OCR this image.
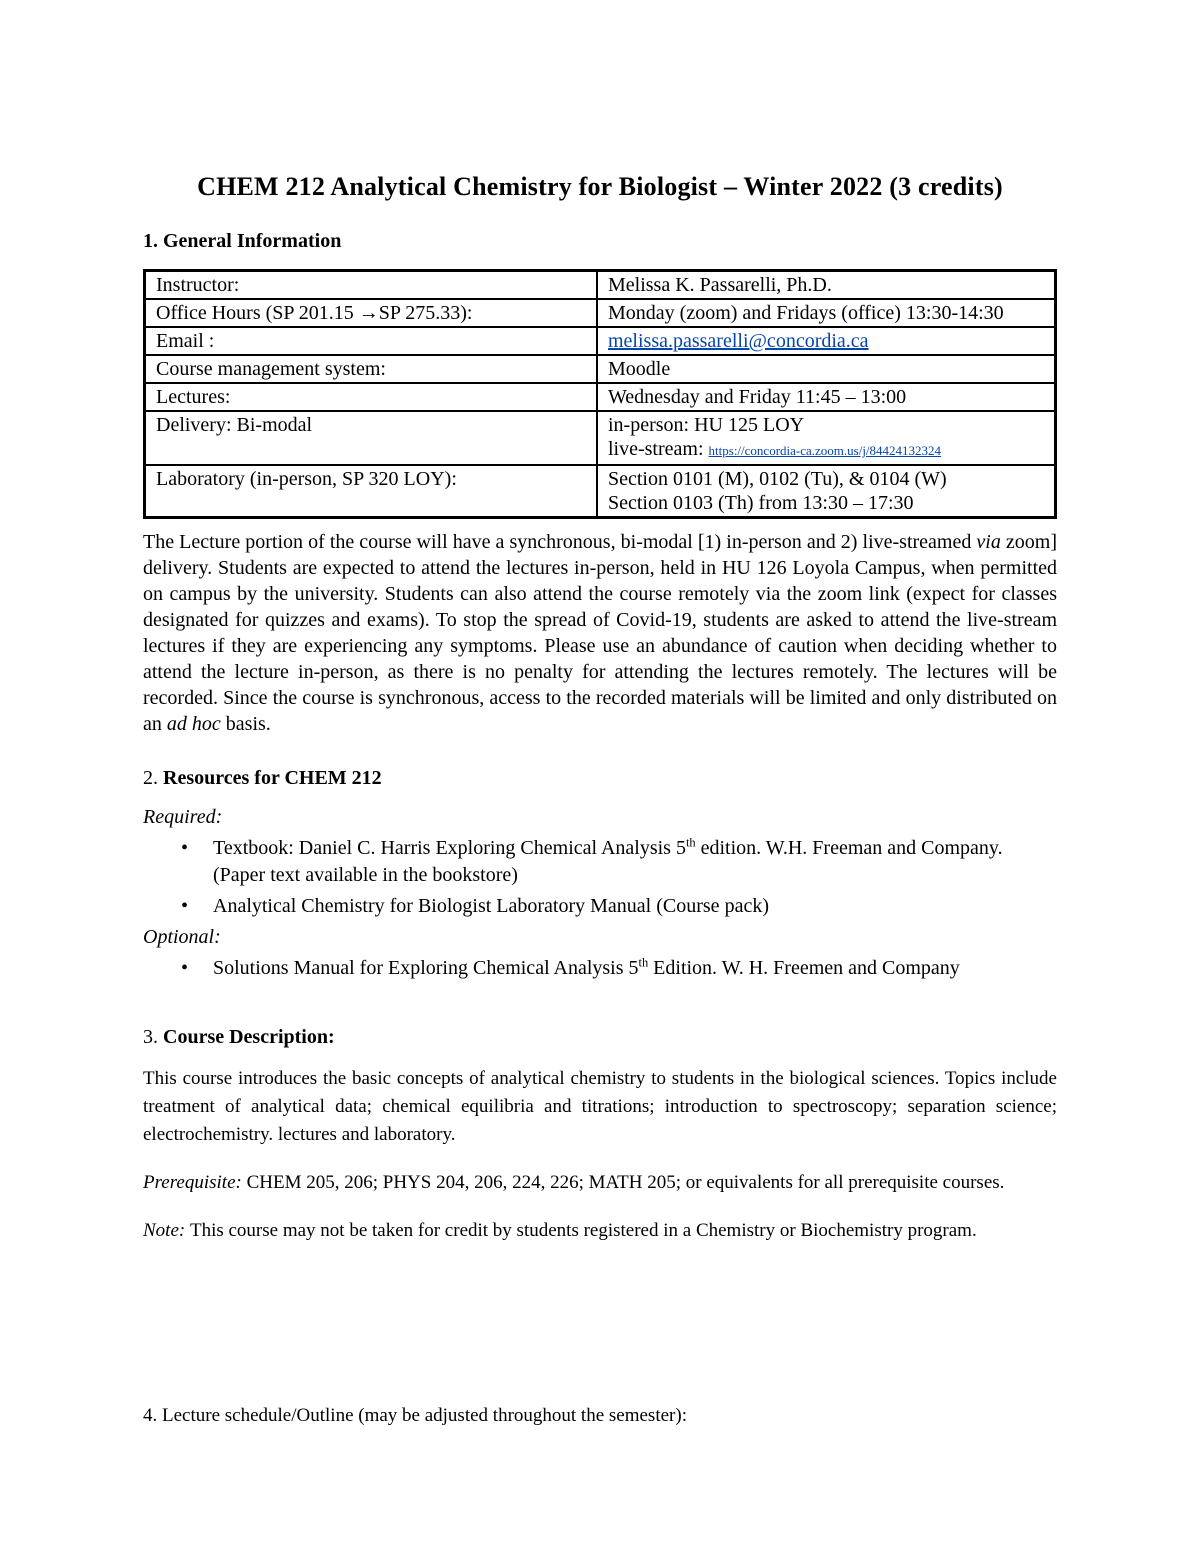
CHEM 212 Analytical Chemistry for Biologist – Winter 2022 (3 credits)
1. General Information
Instructor:	Melissa K. Passarelli, Ph.D.
Office Hours (SP 201.15 →SP 275.33):	Monday (zoom) and Fridays (office) 13:30-14:30
Email :	melissa.passarelli@concordia.ca
Course management system:	Moodle
Lectures:	Wednesday and Friday 11:45 – 13:00
Delivery: Bi-modal	in-person: HU 125 LOY
live-stream: https://concordia-ca.zoom.us/j/84424132324
Laboratory (in-person, SP 320 LOY):	Section 0101 (M), 0102 (Tu), & 0104 (W)
Section 0103 (Th) from 13:30 – 17:30

The Lecture portion of the course will have a synchronous, bi-modal [1) in-person and 2) live-streamed via zoom] delivery. Students are expected to attend the lectures in-person, held in HU 126 Loyola Campus, when permitted on campus by the university. Students can also attend the course remotely via the zoom link (expect for classes designated for quizzes and exams). To stop the spread of Covid-19, students are asked to attend the live-stream lectures if they are experiencing any symptoms. Please use an abundance of caution when deciding whether to attend the lecture in-person, as there is no penalty for attending the lectures remotely. The lectures will be recorded. Since the course is synchronous, access to the recorded materials will be limited and only distributed on an ad hoc basis.

2. Resources for CHEM 212
Required:
• Textbook: Daniel C. Harris Exploring Chemical Analysis 5th edition. W.H. Freeman and Company. (Paper text available in the bookstore)
• Analytical Chemistry for Biologist Laboratory Manual (Course pack)
Optional:
• Solutions Manual for Exploring Chemical Analysis 5th Edition. W. H. Freemen and Company
3. Course Description:

This course introduces the basic concepts of analytical chemistry to students in the biological sciences. Topics include treatment of analytical data; chemical equilibria and titrations; introduction to spectroscopy; separation science; electrochemistry. lectures and laboratory.

Prerequisite: CHEM 205, 206; PHYS 204, 206, 224, 226; MATH 205; or equivalents for all prerequisite courses.

Note: This course may not be taken for credit by students registered in a Chemistry or Biochemistry program.

4. Lecture schedule/Outline (may be adjusted throughout the semester):
